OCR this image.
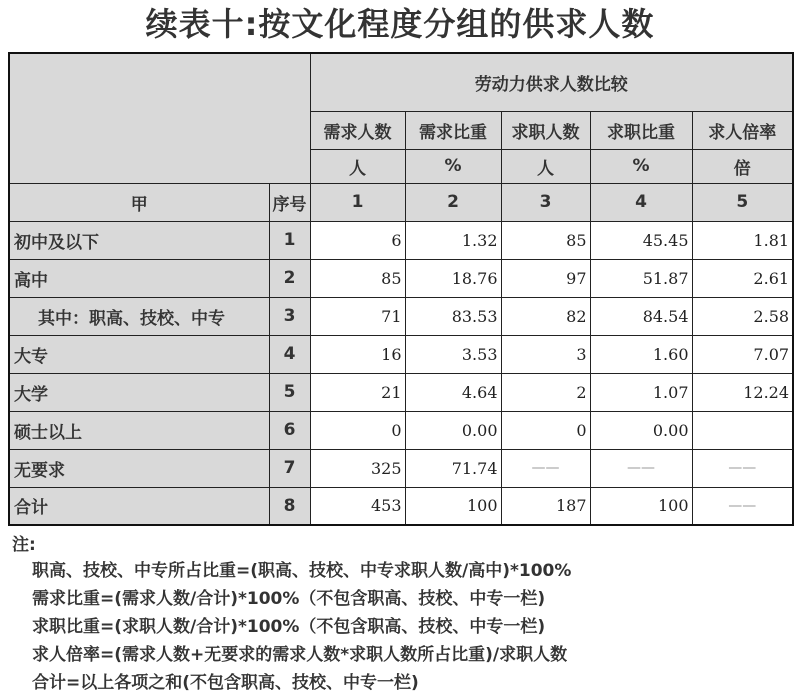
续表十:按文化程度分组的供求人数
		劳动力供求人数比较				
		需求人数	需求比重	求职人数	求职比重	求人倍率
		人	%	人	%	倍
甲	序号	1	2	3	4	5
初中及以下	1	6	1.32	85	45.45	1.81
高中	2	85	18.76	97	51.87	2.61
其中：职高、技校、中专	3	71	83.53	82	84.54	2.58
大专	4	16	3.53	3	1.60	7.07
大学	5	21	4.64	2	1.07	12.24
硕士以上	6	0	0.00	0	0.00	
无要求	7	325	71.74	——	——	——
合计	8	453	100	187	100	——
注:
职高、技校、中专所占比重=(职高、技校、中专求职人数/高中)*100%
需求比重=(需求人数/合计)*100%（不包含职高、技校、中专一栏)
求职比重=(求职人数/合计)*100%（不包含职高、技校、中专一栏)
求人倍率=(需求人数+无要求的需求人数*求职人数所占比重)/求职人数
合计=以上各项之和(不包含职高、技校、中专一栏)
